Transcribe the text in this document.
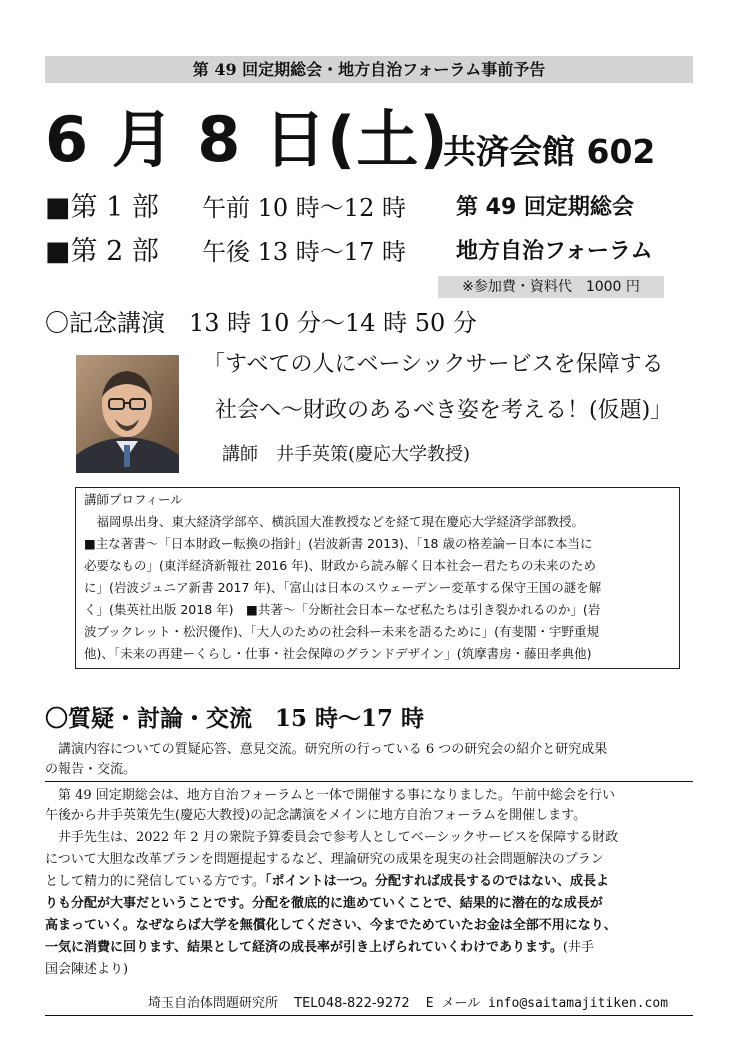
第 49 回定期総会・地方自治フォーラム事前予告
6 月 8 日(土)
共済会館 602
■第 1 部 午前 10 時～12 時 第 49 回定期総会
■第 2 部 午後 13 時～17 時 地方自治フォーラム
※参加費・資料代　1000 円
〇記念講演　13 時 10 分～14 時 50 分
「すべての人にベーシックサービスを保障する
社会へ～財政のあるべき姿を考える！(仮題)」
講師　井手英策(慶応大学教授)
講師プロフィール
　福岡県出身、東大経済学部卒、横浜国大准教授などを経て現在慶応大学経済学部教授。
■主な著書～「日本財政ー転換の指針」(岩波新書 2013)、「18 歳の格差論ー日本に本当に
必要なもの」(東洋経済新報社 2016 年)、財政から読み解く日本社会ー君たちの未来のため
に」(岩波ジュニア新書 2017 年)、「富山は日本のスウェーデンー変革する保守王国の謎を解
く」(集英社出版 2018 年)　■共著～「分断社会日本ーなぜ私たちは引き裂かれるのか」(岩
波ブックレット・松沢優作)、「大人のための社会科ー未来を語るために」(有斐閣・宇野重規
他)、「未来の再建ーくらし・仕事・社会保障のグランドデザイン」(筑摩書房・藤田孝典他)
〇質疑・討論・交流　15 時～17 時
　講演内容についての質疑応答、意見交流。研究所の行っている 6 つの研究会の紹介と研究成果
の報告・交流。
　第 49 回定期総会は、地方自治フォーラムと一体で開催する事になりました。午前中総会を行い
午後から井手英策先生(慶応大教授)の記念講演をメインに地方自治フォーラムを開催します。
　井手先生は、2022 年 2 月の衆院予算委員会で参考人としてベーシックサービスを保障する財政
について大胆な改革プランを問題提起するなど、理論研究の成果を現実の社会問題解決のプラン
として精力的に発信している方です。「ポイントは一つ。分配すれば成長するのではない、成長よ
りも分配が大事だということです。分配を徹底的に進めていくことで、結果的に潜在的な成長が
高まっていく。なぜならば大学を無償化してください、今までためていたお金は全部不用になり、
一気に消費に回ります、結果として経済の成長率が引き上げられていくわけであります。(井手
国会陳述より)
埼玉自治体問題研究所 TEL048-822-9272 E メール info@saitamajitiken.com
